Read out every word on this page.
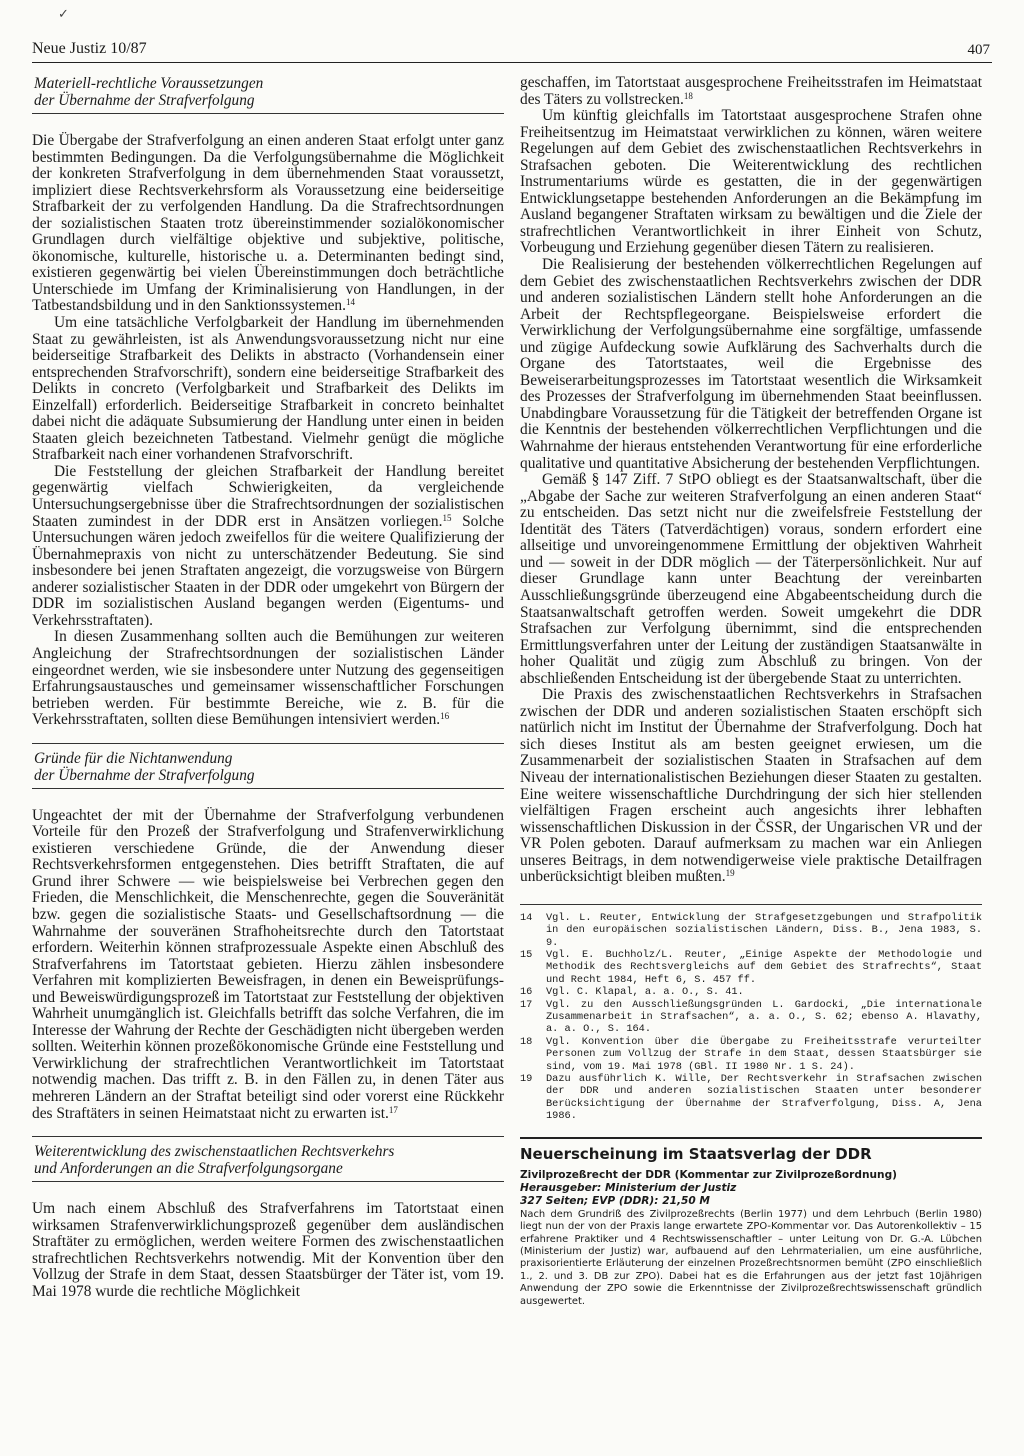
✓
Neue Justiz 10/87	407
Materiell-rechtliche Voraussetzungen
der Übernahme der Strafverfolgung

Die Übergabe der Strafverfolgung an einen anderen Staat erfolgt unter ganz bestimmten Bedingungen. Da die Verfolgungsübernahme die Möglichkeit der konkreten Strafverfolgung in dem übernehmenden Staat voraussetzt, impliziert diese Rechtsverkehrsform als Voraussetzung eine beiderseitige Strafbarkeit der zu verfolgenden Handlung. Da die Strafrechtsordnungen der sozialistischen Staaten trotz übereinstimmender sozialökonomischer Grundlagen durch vielfältige objektive und subjektive, politische, ökonomische, kulturelle, historische u. a. Determinanten bedingt sind, existieren gegenwärtig bei vielen Übereinstimmungen doch beträchtliche Unterschiede im Umfang der Kriminalisierung von Handlungen, in der Tatbestandsbildung und in den Sanktionssystemen.$^{14}$

Um eine tatsächliche Verfolgbarkeit der Handlung im übernehmenden Staat zu gewährleisten, ist als Anwendungsvoraussetzung nicht nur eine beiderseitige Strafbarkeit des Delikts in abstracto (Vorhandensein einer entsprechenden Strafvorschrift), sondern eine beiderseitige Strafbarkeit des Delikts in concreto (Verfolgbarkeit und Strafbarkeit des Delikts im Einzelfall) erforderlich. Beiderseitige Strafbarkeit in concreto beinhaltet dabei nicht die adäquate Subsumierung der Handlung unter einen in beiden Staaten gleich bezeichneten Tatbestand. Vielmehr genügt die mögliche Strafbarkeit nach einer vorhandenen Strafvorschrift.

Die Feststellung der gleichen Strafbarkeit der Handlung bereitet gegenwärtig vielfach Schwierigkeiten, da vergleichende Untersuchungsergebnisse über die Strafrechtsordnungen der sozialistischen Staaten zumindest in der DDR erst in Ansätzen vorliegen.$^{15}$ Solche Untersuchungen wären jedoch zweifellos für die weitere Qualifizierung der Übernahmepraxis von nicht zu unterschätzender Bedeutung. Sie sind insbesondere bei jenen Straftaten angezeigt, die vorzugsweise von Bürgern anderer sozialistischer Staaten in der DDR oder umgekehrt von Bürgern der DDR im sozialistischen Ausland begangen werden (Eigentums- und Verkehrsstraftaten).

In diesen Zusammenhang sollten auch die Bemühungen zur weiteren Angleichung der Strafrechtsordnungen der sozialistischen Länder eingeordnet werden, wie sie insbesondere unter Nutzung des gegenseitigen Erfahrungsaustausches und gemeinsamer wissenschaftlicher Forschungen betrieben werden. Für bestimmte Bereiche, wie z. B. für die Verkehrsstraftaten, sollten diese Bemühungen intensiviert werden.$^{16}$

Gründe für die Nichtanwendung
der Übernahme der Strafverfolgung

Ungeachtet der mit der Übernahme der Strafverfolgung verbundenen Vorteile für den Prozeß der Strafverfolgung und Strafenverwirklichung existieren verschiedene Gründe, die der Anwendung dieser Rechtsverkehrsformen entgegenstehen. Dies betrifft Straftaten, die auf Grund ihrer Schwere — wie beispielsweise bei Verbrechen gegen den Frieden, die Menschlichkeit, die Menschenrechte, gegen die Souveränität bzw. gegen die sozialistische Staats- und Gesellschaftsordnung — die Wahrnahme der souveränen Strafhoheitsrechte durch den Tatortstaat erfordern. Weiterhin können strafprozessuale Aspekte einen Abschluß des Strafverfahrens im Tatortstaat gebieten. Hierzu zählen insbesondere Verfahren mit komplizierten Beweisfragen, in denen ein Beweisprüfungs- und Beweiswürdigungsprozeß im Tatortstaat zur Feststellung der objektiven Wahrheit unumgänglich ist. Gleichfalls betrifft das solche Verfahren, die im Interesse der Wahrung der Rechte der Geschädigten nicht übergeben werden sollten. Weiterhin können prozeßökonomische Gründe eine Feststellung und Verwirklichung der strafrechtlichen Verantwortlichkeit im Tatortstaat notwendig machen. Das trifft z. B. in den Fällen zu, in denen Täter aus mehreren Ländern an der Straftat beteiligt sind oder vorerst eine Rückkehr des Straftäters in seinen Heimatstaat nicht zu erwarten ist.$^{17}$

Weiterentwicklung des zwischenstaatlichen Rechtsverkehrs
und Anforderungen an die Strafverfolgungsorgane

Um nach einem Abschluß des Strafverfahrens im Tatortstaat einen wirksamen Strafenverwirklichungsprozeß gegenüber dem ausländischen Straftäter zu ermöglichen, werden weitere Formen des zwischenstaatlichen strafrechtlichen Rechtsverkehrs notwendig. Mit der Konvention über den Vollzug der Strafe in dem Staat, dessen Staatsbürger der Täter ist, vom 19. Mai 1978 wurde die rechtliche Möglichkeit

geschaffen, im Tatortstaat ausgesprochene Freiheitsstrafen im Heimatstaat des Täters zu vollstrecken.$^{18}$

Um künftig gleichfalls im Tatortstaat ausgesprochene Strafen ohne Freiheitsentzug im Heimatstaat verwirklichen zu können, wären weitere Regelungen auf dem Gebiet des zwischenstaatlichen Rechtsverkehrs in Strafsachen geboten. Die Weiterentwicklung des rechtlichen Instrumentariums würde es gestatten, die in der gegenwärtigen Entwicklungsetappe bestehenden Anforderungen an die Bekämpfung im Ausland begangener Straftaten wirksam zu bewältigen und die Ziele der strafrechtlichen Verantwortlichkeit in ihrer Einheit von Schutz, Vorbeugung und Erziehung gegenüber diesen Tätern zu realisieren.

Die Realisierung der bestehenden völkerrechtlichen Regelungen auf dem Gebiet des zwischenstaatlichen Rechtsverkehrs zwischen der DDR und anderen sozialistischen Ländern stellt hohe Anforderungen an die Arbeit der Rechtspflegeorgane. Beispielsweise erfordert die Verwirklichung der Verfolgungsübernahme eine sorgfältige, umfassende und zügige Aufdeckung sowie Aufklärung des Sachverhalts durch die Organe des Tatortstaates, weil die Ergebnisse des Beweiserarbeitungsprozesses im Tatortstaat wesentlich die Wirksamkeit des Prozesses der Strafverfolgung im übernehmenden Staat beeinflussen. Unabdingbare Voraussetzung für die Tätigkeit der betreffenden Organe ist die Kenntnis der bestehenden völkerrechtlichen Verpflichtungen und die Wahrnahme der hieraus entstehenden Verantwortung für eine erforderliche qualitative und quantitative Absicherung der bestehenden Verpflichtungen.

Gemäß § 147 Ziff. 7 StPO obliegt es der Staatsanwaltschaft, über die „Abgabe der Sache zur weiteren Strafverfolgung an einen anderen Staat“ zu entscheiden. Das setzt nicht nur die zweifelsfreie Feststellung der Identität des Täters (Tatverdächtigen) voraus, sondern erfordert eine allseitige und unvoreingenommene Ermittlung der objektiven Wahrheit und — soweit in der DDR möglich — der Täterpersönlichkeit. Nur auf dieser Grundlage kann unter Beachtung der vereinbarten Ausschließungsgründe überzeugend eine Abgabeentscheidung durch die Staatsanwaltschaft getroffen werden. Soweit umgekehrt die DDR Strafsachen zur Verfolgung übernimmt, sind die entsprechenden Ermittlungsverfahren unter der Leitung der zuständigen Staatsanwälte in hoher Qualität und zügig zum Abschluß zu bringen. Von der abschließenden Entscheidung ist der übergebende Staat zu unterrichten.

Die Praxis des zwischenstaatlichen Rechtsverkehrs in Strafsachen zwischen der DDR und anderen sozialistischen Staaten erschöpft sich natürlich nicht im Institut der Übernahme der Strafverfolgung. Doch hat sich dieses Institut als am besten geeignet erwiesen, um die Zusammenarbeit der sozialistischen Staaten in Strafsachen auf dem Niveau der internationalistischen Beziehungen dieser Staaten zu gestalten. Eine weitere wissenschaftliche Durchdringung der sich hier stellenden vielfältigen Fragen erscheint auch angesichts ihrer lebhaften wissenschaftlichen Diskussion in der ČSSR, der Ungarischen VR und der VR Polen geboten. Darauf aufmerksam zu machen war ein Anliegen unseres Beitrags, in dem notwendigerweise viele praktische Detailfragen unberücksichtigt bleiben mußten.$^{19}$

14	Vgl. L. Reuter, Entwicklung der Strafgesetzgebungen und Strafpolitik in den europäischen sozialistischen Ländern, Diss. B., Jena 1983, S. 9.
15	Vgl. E. Buchholz/L. Reuter, „Einige Aspekte der Methodologie und Methodik des Rechtsvergleichs auf dem Gebiet des Strafrechts“, Staat und Recht 1984, Heft 6, S. 457 ff.
16	Vgl. C. Klapal, a. a. O., S. 41.
17	Vgl. zu den Ausschließungsgründen L. Gardocki, „Die internationale Zusammenarbeit in Strafsachen“, a. a. O., S. 62; ebenso A. Hlavathy, a. a. O., S. 164.
18	Vgl. Konvention über die Übergabe zu Freiheitsstrafe verurteilter Personen zum Vollzug der Strafe in dem Staat, dessen Staatsbürger sie sind, vom 19. Mai 1978 (GBl. II 1980 Nr. 1 S. 24).
19	Dazu ausführlich K. Wille, Der Rechtsverkehr in Strafsachen zwischen der DDR und anderen sozialistischen Staaten unter besonderer Berücksichtigung der Übernahme der Strafverfolgung, Diss. A, Jena 1986.
Neuerscheinung im Staatsverlag der DDR
Zivilprozeßrecht der DDR (Kommentar zur Zivilprozeßordnung)
Herausgeber: Ministerium der Justiz
327 Seiten; EVP (DDR): 21,50 M
Nach dem Grundriß des Zivilprozeßrechts (Berlin 1977) und dem Lehrbuch (Berlin 1980) liegt nun der von der Praxis lange erwartete ZPO-Kommentar vor. Das Autorenkollektiv – 15 erfahrene Praktiker und 4 Rechtswissenschaftler – unter Leitung von Dr. G.-A. Lübchen (Ministerium der Justiz) war, aufbauend auf den Lehrmaterialien, um eine ausführliche, praxisorientierte Erläuterung der einzelnen Prozeßrechtsnormen bemüht (ZPO einschließlich 1., 2. und 3. DB zur ZPO). Dabei hat es die Erfahrungen aus der jetzt fast 10jährigen Anwendung der ZPO sowie die Erkenntnisse der Zivilprozeßrechtswissenschaft gründlich ausgewertet.
